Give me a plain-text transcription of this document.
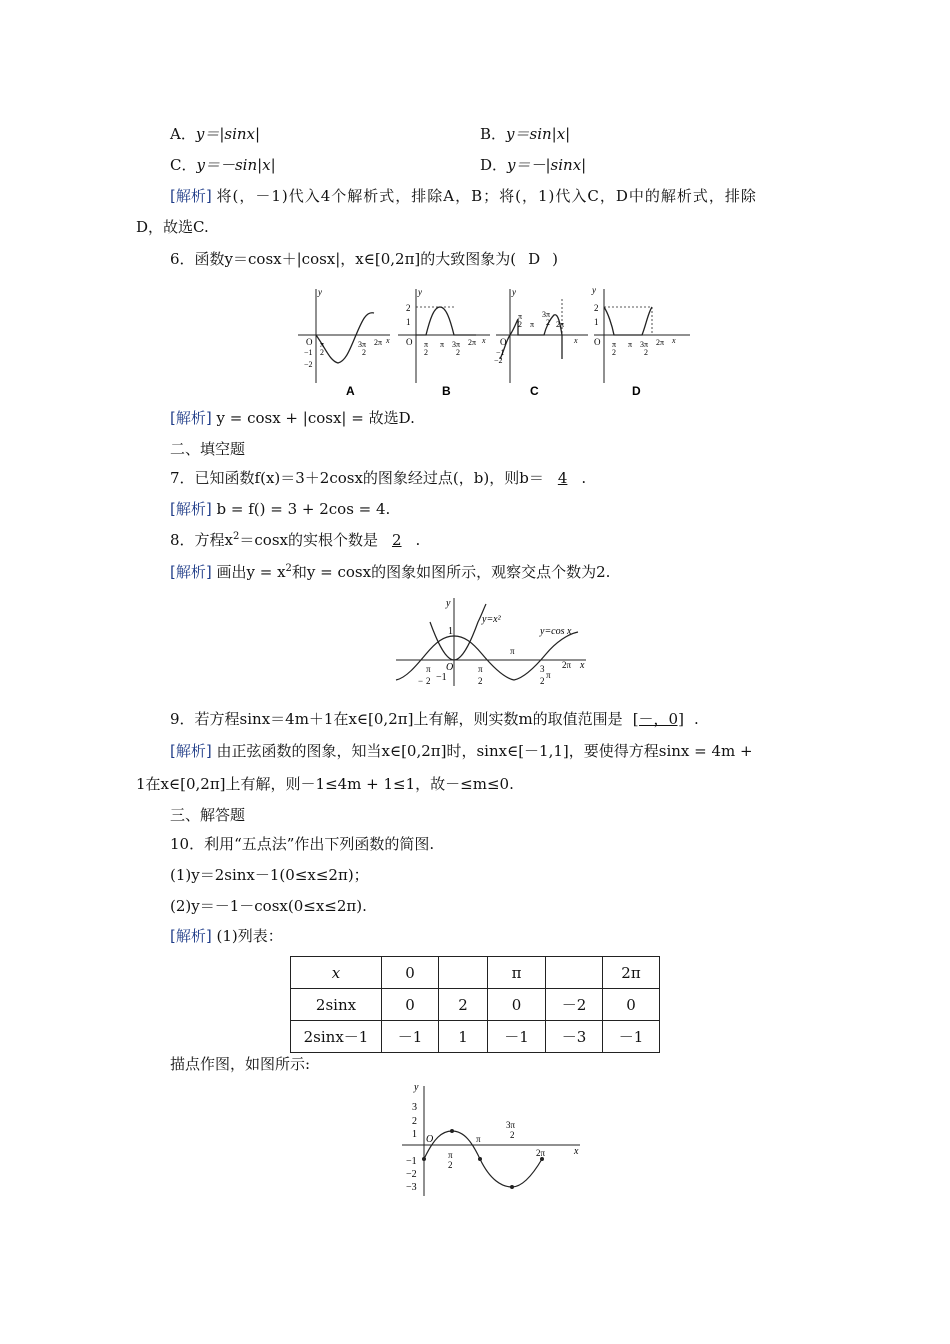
A．y＝|sinx|	B．y＝sin|x|
C．y＝－sin|x|	D．y＝－|sinx|
[解析] 将(，－1)代入4个解析式，排除A，B；将(，1)代入C，D中的解析式，排除
D，故选C.
6．函数y＝cosx＋|cosx|，x∈[0,2π]的大致图象为( D )
y
O π
2
−1
−2
3π
2
2π x
y
2
1
O π
2
π 3π
2
2π x
y
O
π
2 π
3π
2 2π
−1
−2
x
y
2
1
O π
2
π 3π
2
2π x
A	B	C	D
[解析] y = cosx + |cosx| = 故选D.
二、填空题
7．已知函数f(x)＝3＋2cosx的图象经过点(，b)，则b＝ 4 .
[解析] b = f() = 3 + 2cos = 4.
8．方程$x^2=\cos x$的实根个数是 2 .
[解析] 画出$y = x^2$和y = cosx的图象如图所示，观察交点个数为2.
y
1
O
−1
π
− 2
π
2
π
3
2
π
2π x
y=x²
y=cos x
9．若方程sinx＝4m＋1在x∈[0,2π]上有解，则实数m的取值范围是 [－，0] .
[解析] 由正弦函数的图象，知当x∈[0,2π]时，sinx∈[－1,1]，要使得方程sinx = 4m +
1在x∈[0,2π]上有解，则－1≤4m + 1≤1，故－≤m≤0.
三、解答题
10．利用“五点法”作出下列函数的简图.
(1)y＝2sinx－1(0≤x≤2π)；
(2)y＝－1－cosx(0≤x≤2π).
[解析] (1)列表：
x	0		π		2π
2sinx	0	2	0	－2	0
2sinx－1	－1	1	－1	－3	－1
描点作图，如图所示:
y
3
2
1 O
−1
−2
−3
π
2
π
3π
2
2π	x
